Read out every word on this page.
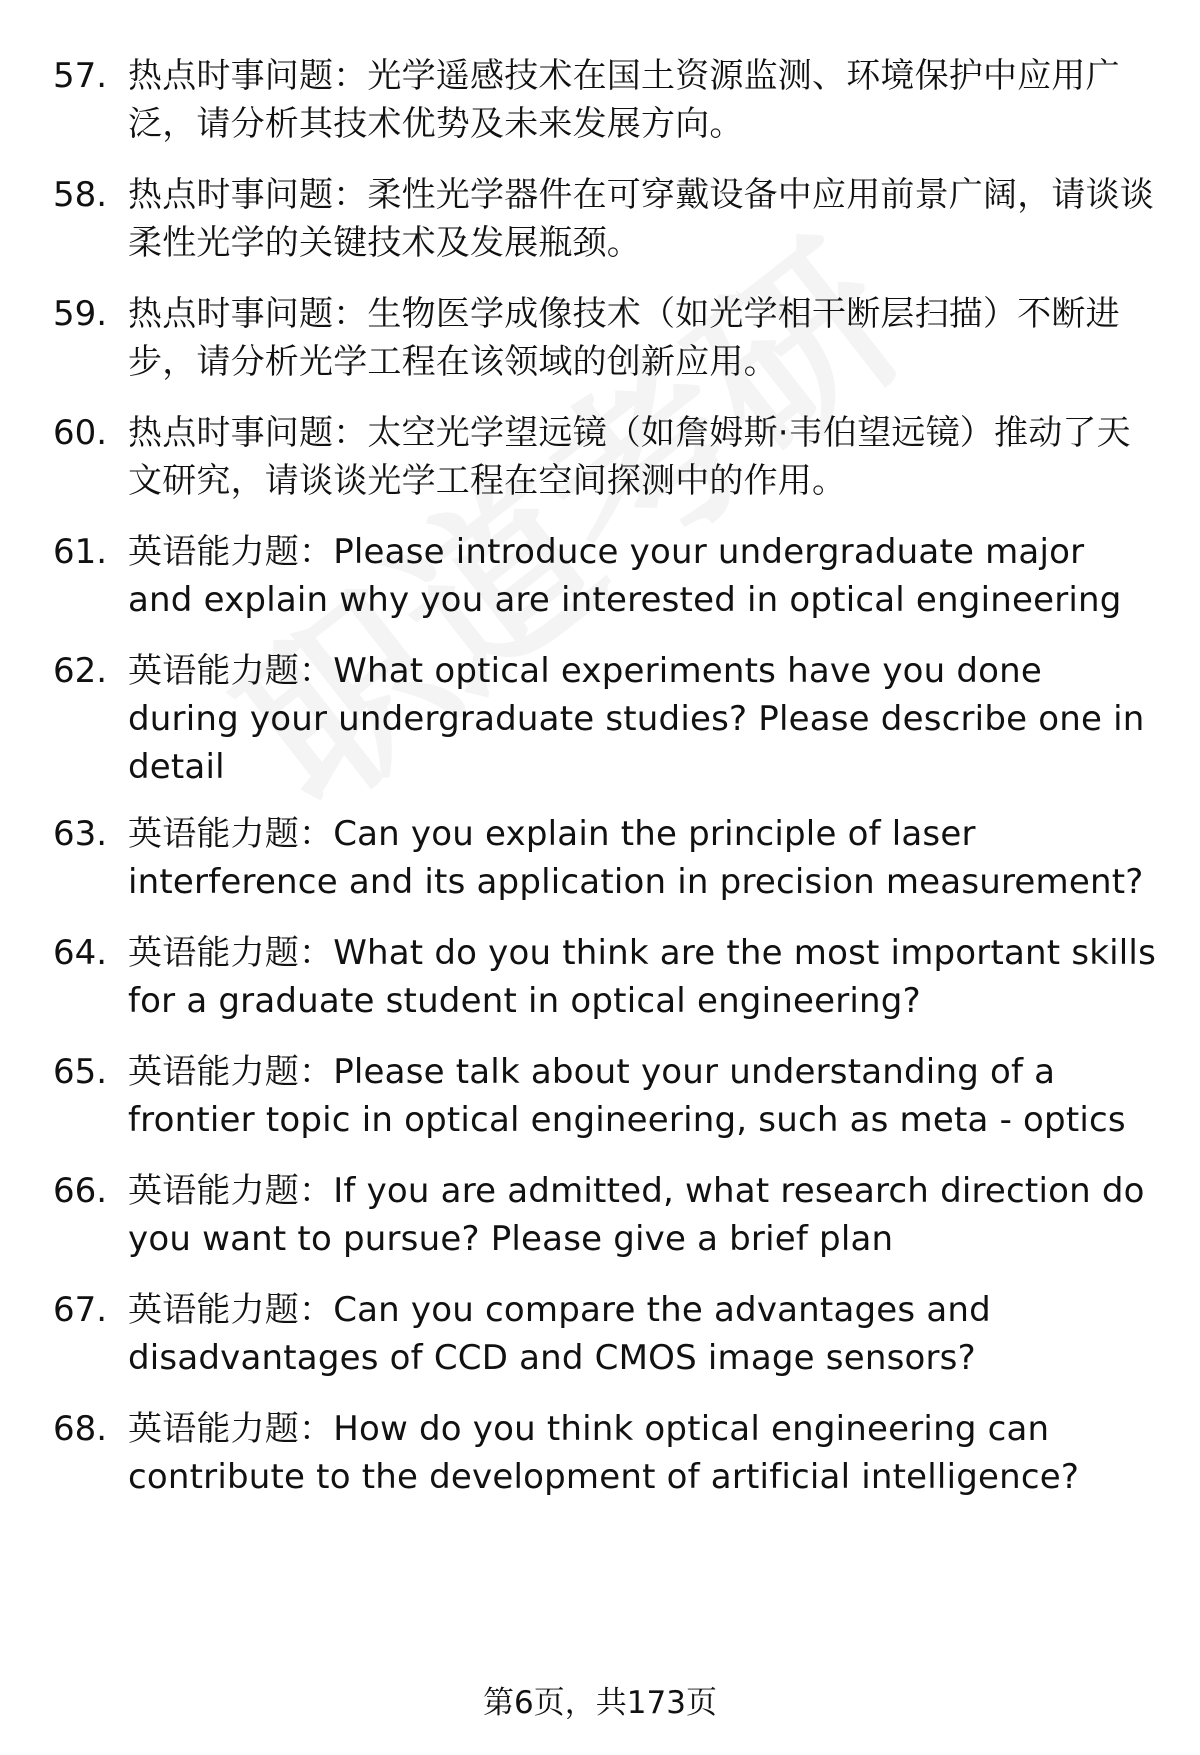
57. 热点时事问题：光学遥感技术在国土资源监测、环境保护中应用广泛，请分析其技术优势及未来发展方向。
58. 热点时事问题：柔性光学器件在可穿戴设备中应用前景广阔，请谈谈柔性光学的关键技术及发展瓶颈。
59. 热点时事问题：生物医学成像技术（如光学相干断层扫描）不断进步，请分析光学工程在该领域的创新应用。
60. 热点时事问题：太空光学望远镜（如詹姆斯·韦伯望远镜）推动了天文研究，请谈谈光学工程在空间探测中的作用。
61. 英语能力题：Please introduce your undergraduate major and explain why you are interested in optical engineering
62. 英语能力题：What optical experiments have you done during your undergraduate studies? Please describe one in detail
63. 英语能力题：Can you explain the principle of laser interference and its application in precision measurement?
64. 英语能力题：What do you think are the most important skills for a graduate student in optical engineering?
65. 英语能力题：Please talk about your understanding of a frontier topic in optical engineering, such as meta - optics
66. 英语能力题：If you are admitted, what research direction do you want to pursue? Please give a brief plan
67. 英语能力题：Can you compare the advantages and disadvantages of CCD and CMOS image sensors?
68. 英语能力题：How do you think optical engineering can contribute to the development of artificial intelligence?
第6页，共173页
